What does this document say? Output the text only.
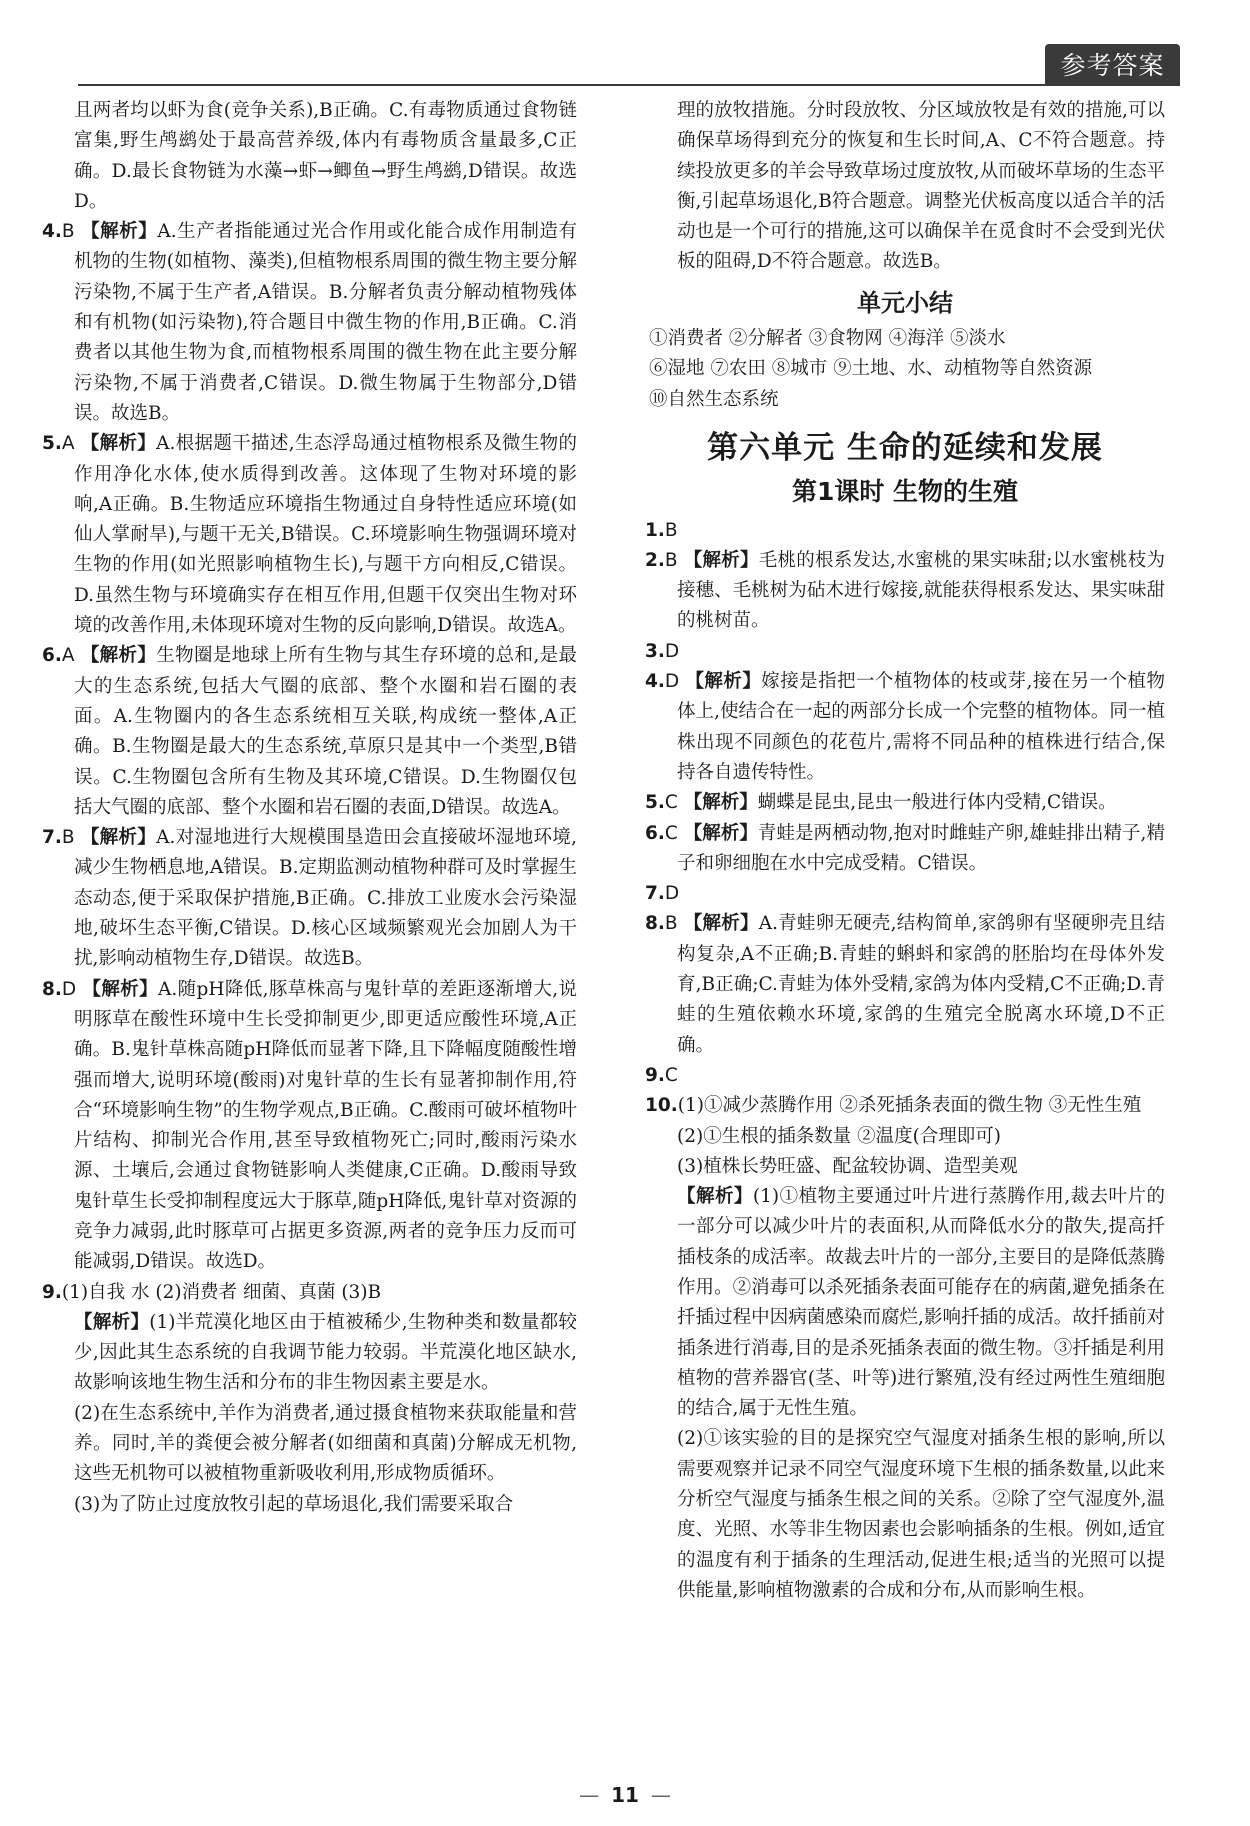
参考答案

且两者均以虾为食(竞争关系),B正确。C.有毒物质通过食物链富集,野生鸬鹚处于最高营养级,体内有毒物质含量最多,C正确。D.最长食物链为水藻→虾→鲫鱼→野生鸬鹚,D错误。故选D。

4.B 【解析】A.生产者指能通过光合作用或化能合成作用制造有机物的生物(如植物、藻类),但植物根系周围的微生物主要分解污染物,不属于生产者,A错误。B.分解者负责分解动植物残体和有机物(如污染物),符合题目中微生物的作用,B正确。C.消费者以其他生物为食,而植物根系周围的微生物在此主要分解污染物,不属于消费者,C错误。D.微生物属于生物部分,D错误。故选B。

5.A 【解析】A.根据题干描述,生态浮岛通过植物根系及微生物的作用净化水体,使水质得到改善。这体现了生物对环境的影响,A正确。B.生物适应环境指生物通过自身特性适应环境(如仙人掌耐旱),与题干无关,B错误。C.环境影响生物强调环境对生物的作用(如光照影响植物生长),与题干方向相反,C错误。D.虽然生物与环境确实存在相互作用,但题干仅突出生物对环境的改善作用,未体现环境对生物的反向影响,D错误。故选A。

6.A 【解析】生物圈是地球上所有生物与其生存环境的总和,是最大的生态系统,包括大气圈的底部、整个水圈和岩石圈的表面。A.生物圈内的各生态系统相互关联,构成统一整体,A正确。B.生物圈是最大的生态系统,草原只是其中一个类型,B错误。C.生物圈包含所有生物及其环境,C错误。D.生物圈仅包括大气圈的底部、整个水圈和岩石圈的表面,D错误。故选A。

7.B 【解析】A.对湿地进行大规模围垦造田会直接破坏湿地环境,减少生物栖息地,A错误。B.定期监测动植物种群可及时掌握生态动态,便于采取保护措施,B正确。C.排放工业废水会污染湿地,破坏生态平衡,C错误。D.核心区域频繁观光会加剧人为干扰,影响动植物生存,D错误。故选B。

8.D 【解析】A.随pH降低,豚草株高与鬼针草的差距逐渐增大,说明豚草在酸性环境中生长受抑制更少,即更适应酸性环境,A正确。B.鬼针草株高随pH降低而显著下降,且下降幅度随酸性增强而增大,说明环境(酸雨)对鬼针草的生长有显著抑制作用,符合“环境影响生物”的生物学观点,B正确。C.酸雨可破坏植物叶片结构、抑制光合作用,甚至导致植物死亡;同时,酸雨污染水源、土壤后,会通过食物链影响人类健康,C正确。D.酸雨导致鬼针草生长受抑制程度远大于豚草,随pH降低,鬼针草对资源的竞争力减弱,此时豚草可占据更多资源,两者的竞争压力反而可能减弱,D错误。故选D。

9.(1)自我 水 (2)消费者 细菌、真菌 (3)B

【解析】(1)半荒漠化地区由于植被稀少,生物种类和数量都较少,因此其生态系统的自我调节能力较弱。半荒漠化地区缺水,故影响该地生物生活和分布的非生物因素主要是水。

(2)在生态系统中,羊作为消费者,通过摄食植物来获取能量和营养。同时,羊的粪便会被分解者(如细菌和真菌)分解成无机物,这些无机物可以被植物重新吸收利用,形成物质循环。

(3)为了防止过度放牧引起的草场退化,我们需要采取合

理的放牧措施。分时段放牧、分区域放牧是有效的措施,可以确保草场得到充分的恢复和生长时间,A、C不符合题意。持续投放更多的羊会导致草场过度放牧,从而破坏草场的生态平衡,引起草场退化,B符合题意。调整光伏板高度以适合羊的活动也是一个可行的措施,这可以确保羊在觅食时不会受到光伏板的阻碍,D不符合题意。故选B。

单元小结

①消费者 ②分解者 ③食物网 ④海洋 ⑤淡水

⑥湿地 ⑦农田 ⑧城市 ⑨土地、水、动植物等自然资源

⑩自然生态系统

第六单元 生命的延续和发展
第1课时 生物的生殖

1.B

2.B 【解析】毛桃的根系发达,水蜜桃的果实味甜;以水蜜桃枝为接穗、毛桃树为砧木进行嫁接,就能获得根系发达、果实味甜的桃树苗。

3.D

4.D 【解析】嫁接是指把一个植物体的枝或芽,接在另一个植物体上,使结合在一起的两部分长成一个完整的植物体。同一植株出现不同颜色的花苞片,需将不同品种的植株进行结合,保持各自遗传特性。

5.C 【解析】蝴蝶是昆虫,昆虫一般进行体内受精,C错误。

6.C 【解析】青蛙是两栖动物,抱对时雌蛙产卵,雄蛙排出精子,精子和卵细胞在水中完成受精。C错误。

7.D

8.B 【解析】A.青蛙卵无硬壳,结构简单,家鸽卵有坚硬卵壳且结构复杂,A不正确;B.青蛙的蝌蚪和家鸽的胚胎均在母体外发育,B正确;C.青蛙为体外受精,家鸽为体内受精,C不正确;D.青蛙的生殖依赖水环境,家鸽的生殖完全脱离水环境,D不正确。

9.C

10.(1)①减少蒸腾作用 ②杀死插条表面的微生物 ③无性生殖

(2)①生根的插条数量 ②温度(合理即可)

(3)植株长势旺盛、配盆较协调、造型美观

【解析】(1)①植物主要通过叶片进行蒸腾作用,裁去叶片的一部分可以减少叶片的表面积,从而降低水分的散失,提高扦插枝条的成活率。故裁去叶片的一部分,主要目的是降低蒸腾作用。②消毒可以杀死插条表面可能存在的病菌,避免插条在扦插过程中因病菌感染而腐烂,影响扦插的成活。故扦插前对插条进行消毒,目的是杀死插条表面的微生物。③扦插是利用植物的营养器官(茎、叶等)进行繁殖,没有经过两性生殖细胞的结合,属于无性生殖。

(2)①该实验的目的是探究空气湿度对插条生根的影响,所以需要观察并记录不同空气湿度环境下生根的插条数量,以此来分析空气湿度与插条生根之间的关系。②除了空气湿度外,温度、光照、水等非生物因素也会影响插条的生根。例如,适宜的温度有利于插条的生理活动,促进生根;适当的光照可以提供能量,影响植物激素的合成和分布,从而影响生根。

— 11 —
